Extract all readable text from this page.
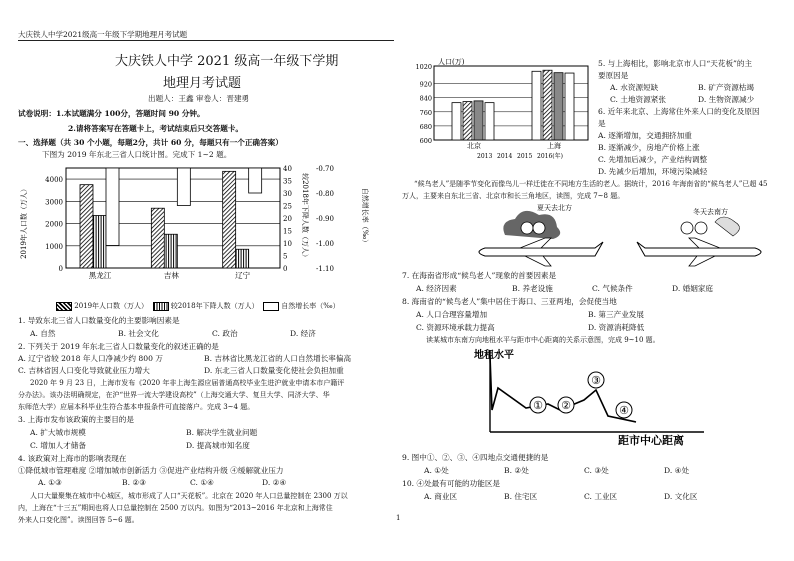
大庆铁人中学2021级高一年级下学期地理月考试题
大庆铁人中学 2021 级高一年级下学期
地理月考试题
出题人：王鑫 审卷人：晋建勇
试卷说明：1.本试题满分 100分，答题时间 90 分钟。
2.请将答案写在答题卡上，考试结束后只交答题卡。
一、选择题（共 30 个小题，每题2分，共计 60 分，每题只有一个正确答案）
下图为 2019 年东北三省人口统计图。完成下 1~2 题。
0
1000
2000
3000
4000
0
5
10
15
20
25
30
35
40
-1.10
-1.00
-0.90
-0.80
-0.70
黑龙江	吉林	辽宁
2019年人口数（万人）	较2018年下降人数（万人）	自然增长率（‰）
2019年人口数（万人）	较2018年下降人数（万人）	自然增长率（‰）
1. 导致东北三省人口数量变化的主要影响因素是
A. 自然	B. 社会文化	C. 政治	D. 经济
2. 下列关于 2019 年东北三省人口数量变化的叙述正确的是
A. 辽宁省较 2018 年人口净减少约 800 万	B. 吉林省比黑龙江省的人口自然增长率偏高
C. 吉林省因人口变化导致就业压力增大	D. 东北三省人口数量变化使社会负担加重
2020 年 9 月 23 日，上海市发布《2020 年非上海生源应届普通高校毕业生进沪就业申请本市户籍评
分办法》。该办法明确规定，在沪“世界一流大学建设高校”（上海交通大学、复旦大学、同济大学、华
东师范大学）应届本科毕业生符合基本申报条件可直接落户。完成 3~4 题。
3. 上海市发布该政策的主要目的是
A. 扩大城市规模	B. 解决学生就业问题
C. 增加人才储备	D. 提高城市知名度
4. 该政策对上海市的影响表现在
①降低城市管理难度 ②增加城市创新活力 ③促进产业结构升级 ④缓解就业压力
A. ①③	B. ②③	C. ①④	D. ②④
人口大量聚集在城市中心城区，城市形成了人口“天花板”。北京在 2020 年人口总量控制在 2300 万以
内，上海在“十三五”期间也将人口总量控制在 2500 万以内。如图为“2013~2016 年北京和上海常住
外来人口变化图”。读图回答 5~6 题。
600
680
760
840
920
1020
人口(万)
北京	上海
2013 2014 2015 2016(年)
5. 与上海相比，影响北京市人口“天花板”的主
要原因是
A. 水资源短缺	B. 矿产资源枯竭
C. 土地资源紧张	D. 生物资源减少
6. 近年来北京、上海常住外来人口的变化及原因
是
A. 逐渐增加，交通拥挤加重
B. 逐渐减少，房地产价格上涨
C. 先增加后减少，产业结构调整
D. 先减少后增加，环境污染减轻
“候鸟老人”是随季节变化而像鸟儿一样迁徙在不同地方生活的老人。据统计，2016 年海南省的“候鸟老人”已超 45
万人，主要来自东北三省、北京市和长三角地区，读图，完成 7~8 题。
夏天去北方	冬天去南方
7. 在海南省形成“候鸟老人”现象的首要因素是
A. 经济因素	B. 养老设施	C. 气候条件	D. 婚姻家庭
8. 海南省的“候鸟老人”集中居住于海口、三亚两地，会促使当地
A. 人口合理容量增加	B. 第三产业发展
C. 资源环境承载力提高	D. 资源消耗降低
读某城市东南方向地租水平与距市中心距离的关系示意图，完成 9~10 题。
地租水平
① ②
③
④
距市中心距离
9. 图中①、②、③、④四地点交通便捷的是
A. ①处	B. ②处	C. ③处	D. ④处
10. ④处最有可能的功能区是
A. 商业区	B. 住宅区	C. 工业区	D. 文化区
1
